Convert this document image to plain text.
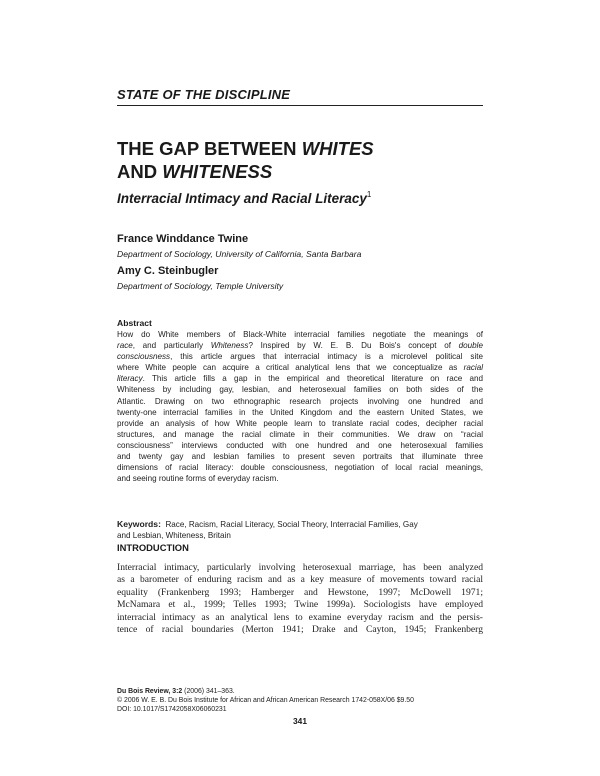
STATE OF THE DISCIPLINE
THE GAP BETWEEN WHITES
AND WHITENESS
Interracial Intimacy and Racial Literacy$^1$
France Winddance Twine
Department of Sociology, University of California, Santa Barbara
Amy C. Steinbugler
Department of Sociology, Temple University
Abstract
How do White members of Black-White interracial families negotiate the meanings of
race, and particularly Whiteness? Inspired by W. E. B. Du Bois's concept of double
consciousness, this article argues that interracial intimacy is a microlevel political site
where White people can acquire a critical analytical lens that we conceptualize as racial
literacy. This article fills a gap in the empirical and theoretical literature on race and
Whiteness by including gay, lesbian, and heterosexual families on both sides of the
Atlantic. Drawing on two ethnographic research projects involving one hundred and
twenty-one interracial families in the United Kingdom and the eastern United States, we
provide an analysis of how White people learn to translate racial codes, decipher racial
structures, and manage the racial climate in their communities. We draw on “racial
consciousness” interviews conducted with one hundred and one heterosexual families
and twenty gay and lesbian families to present seven portraits that illuminate three
dimensions of racial literacy: double consciousness, negotiation of local racial meanings,
and seeing routine forms of everyday racism.
Keywords: Race, Racism, Racial Literacy, Social Theory, Interracial Families, Gay
and Lesbian, Whiteness, Britain
INTRODUCTION
Interracial intimacy, particularly involving heterosexual marriage, has been analyzed
as a barometer of enduring racism and as a key measure of movements toward racial
equality (Frankenberg 1993; Hamberger and Hewstone, 1997; McDowell 1971;
McNamara et al., 1999; Telles 1993; Twine 1999a). Sociologists have employed
interracial intimacy as an analytical lens to examine everyday racism and the persis-
tence of racial boundaries (Merton 1941; Drake and Cayton, 1945; Frankenberg
Du Bois Review, 3:2 (2006) 341–363.
© 2006 W. E. B. Du Bois Institute for African and African American Research 1742-058X/06 $9.50
DOI: 10.1017/S1742058X06060231
341
